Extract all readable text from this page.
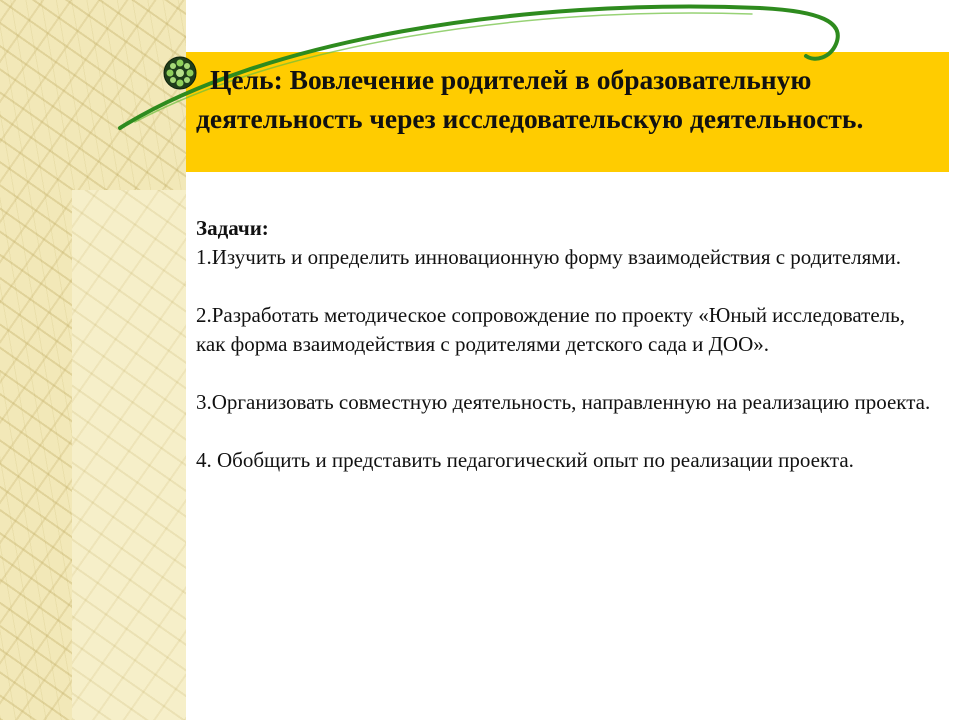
Цель: Вовлечение родителей в образовательную деятельность через исследовательскую деятельность.
Задачи:

1.Изучить и определить инновационную форму взаимодействия с родителями.

2.Разработать методическое сопровождение по проекту «Юный исследователь, как форма взаимодействия с родителями детского сада и ДОО».

3.Организовать совместную деятельность, направленную на реализацию проекта.

4. Обобщить и представить педагогический опыт по реализации проекта.
